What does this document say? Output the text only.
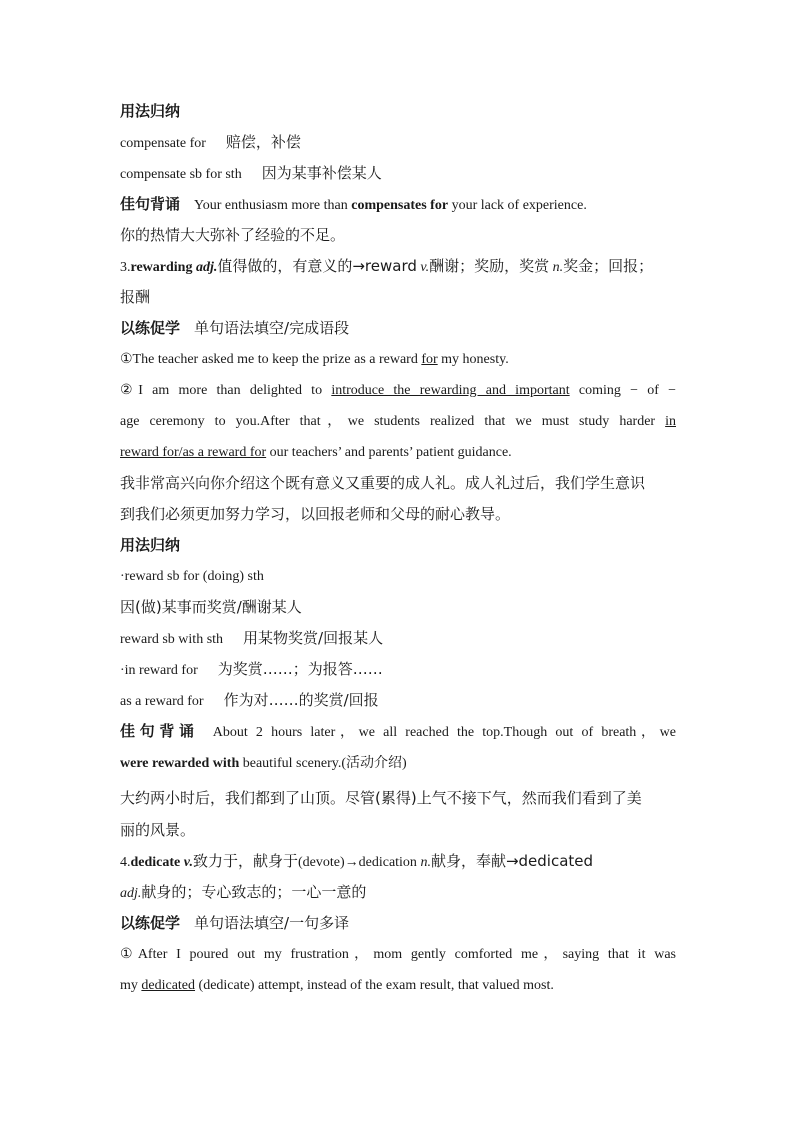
用法归纳
compensate for 赔偿，补偿
compensate sb for sth 因为某事补偿某人
佳句背诵 Your enthusiasm more than compensates for your lack of experience.
你的热情大大弥补了经验的不足。
3.rewarding adj.值得做的，有意义的→reward v.酬谢；奖励，奖赏 n.奖金；回报；
报酬
以练促学 单句语法填空/完成语段
①The teacher asked me to keep the prize as a reward for my honesty.
②I am more than delighted to introduce the rewarding and important coming − of −
age ceremony to you.After that，we students realized that we must study harder in
reward for/as a reward for our teachers’ and parents’ patient guidance.
我非常高兴向你介绍这个既有意义又重要的成人礼。成人礼过后，我们学生意识
到我们必须更加努力学习，以回报老师和父母的耐心教导。
用法归纳
·reward sb for (doing) sth
因(做)某事而奖赏/酬谢某人
reward sb with sth 用某物奖赏/回报某人
·in reward for 为奖赏……；为报答……
as a reward for 作为对……的奖赏/回报
佳句背诵 About 2 hours later，we all reached the top.Though out of breath，we
were rewarded with beautiful scenery.(活动介绍)
大约两小时后，我们都到了山顶。尽管(累得)上气不接下气，然而我们看到了美
丽的风景。
4.dedicate v.致力于，献身于(devote)→dedication n.献身，奉献→dedicated
adj.献身的；专心致志的；一心一意的
以练促学 单句语法填空/一句多译
①After I poured out my frustration，mom gently comforted me，saying that it was
my dedicated (dedicate) attempt, instead of the exam result, that valued most.
